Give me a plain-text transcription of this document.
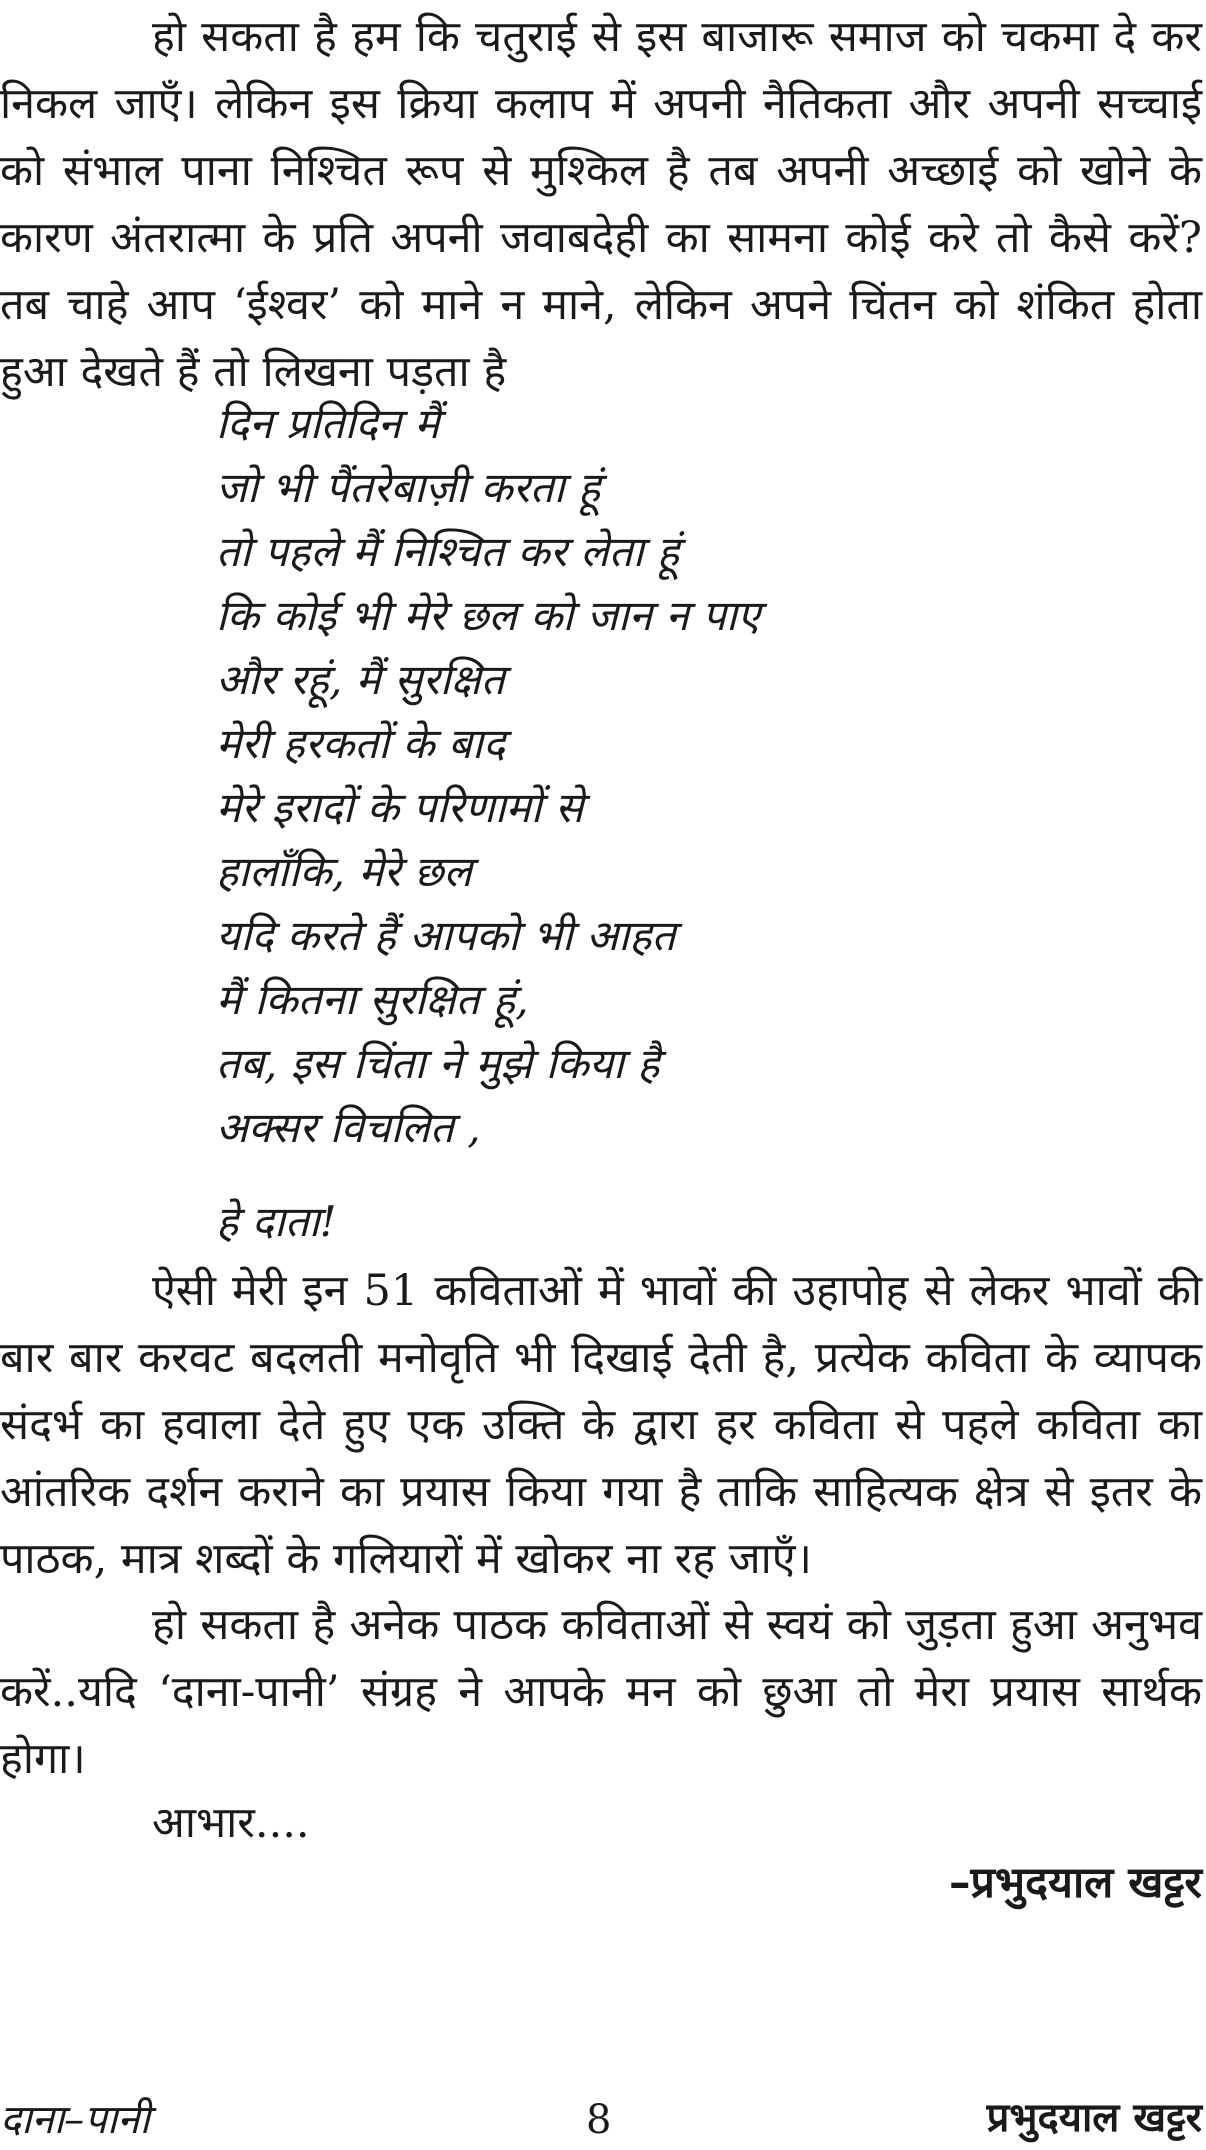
हो सकता है हम कि चतुराई से इस बाजारू समाज को चकमा दे कर निकल जाएँ। लेकिन इस क्रिया कलाप में अपनी नैतिकता और अपनी सच्चाई को संभाल पाना निश्चित रूप से मुश्किल है तब अपनी अच्छाई को खोने के कारण अंतरात्मा के प्रति अपनी जवाबदेही का सामना कोई करे तो कैसे करें? तब चाहे आप ‘ईश्वर’ को माने न माने, लेकिन अपने चिंतन को शंकित होता हुआ देखते हैं तो लिखना पड़ता है

दिन प्रतिदिन मैं
जो भी पैंतरेबाज़ी करता हूं
तो पहले मैं निश्चित कर लेता हूं
कि कोई भी मेरे छल को जान न पाए
और रहूं, मैं सुरक्षित
मेरी हरकतों के बाद
मेरे इरादों के परिणामों से
हालाँकि, मेरे छल
यदि करते हैं आपको भी आहत
मैं कितना सुरक्षित हूं,
तब, इस चिंता ने मुझे किया है
अक्सर विचलित ,
हे दाता!

ऐसी मेरी इन 51 कविताओं में भावों की उहापोह से लेकर भावों की बार बार करवट बदलती मनोवृति भी दिखाई देती है, प्रत्येक कविता के व्यापक संदर्भ का हवाला देते हुए एक उक्ति के द्वारा हर कविता से पहले कविता का आंतरिक दर्शन कराने का प्रयास किया गया है ताकि साहित्यक क्षेत्र से इतर के पाठक, मात्र शब्दों के गलियारों में खोकर ना रह जाएँ।

हो सकता है अनेक पाठक कविताओं से स्वयं को जुड़ता हुआ अनुभव करें..यदि ‘दाना-पानी’ संग्रह ने आपके मन को छुआ तो मेरा प्रयास सार्थक होगा।

आभार....
–प्रभुदयाल खट्टर
दाना–पानी	8	प्रभुदयाल खट्टर
